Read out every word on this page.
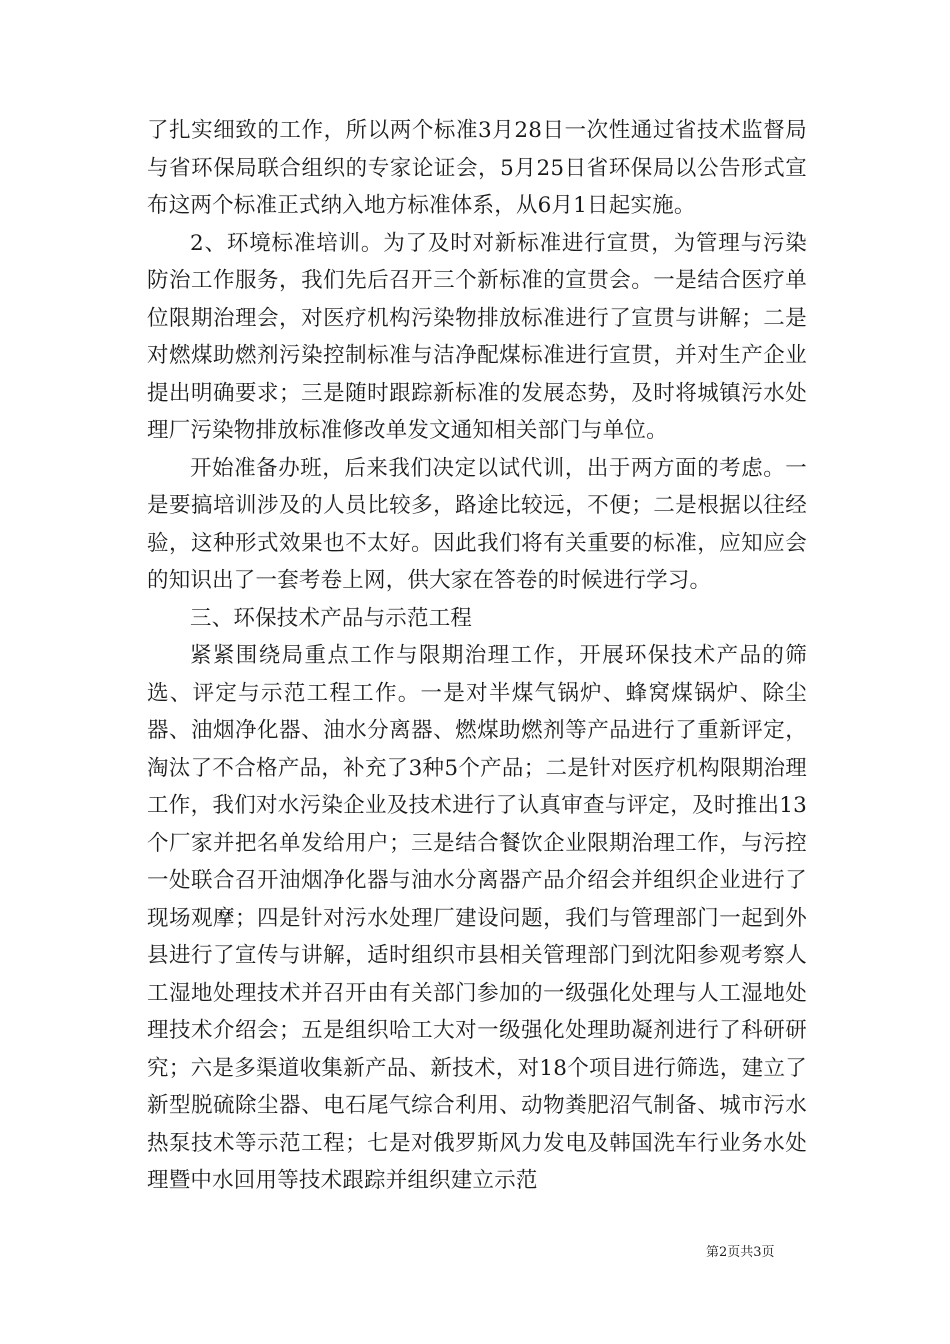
了扎实细致的工作，所以两个标准3月28日一次性通过省技术监督局与省环保局联合组织的专家论证会，5月25日省环保局以公告形式宣布这两个标准正式纳入地方标准体系，从6月1日起实施。

2、环境标准培训。为了及时对新标准进行宣贯，为管理与污染防治工作服务，我们先后召开三个新标准的宣贯会。一是结合医疗单位限期治理会，对医疗机构污染物排放标准进行了宣贯与讲解；二是对燃煤助燃剂污染控制标准与洁净配煤标准进行宣贯，并对生产企业提出明确要求；三是随时跟踪新标准的发展态势，及时将城镇污水处理厂污染物排放标准修改单发文通知相关部门与单位。

开始准备办班，后来我们决定以试代训，出于两方面的考虑。一是要搞培训涉及的人员比较多，路途比较远，不便；二是根据以往经验，这种形式效果也不太好。因此我们将有关重要的标准，应知应会的知识出了一套考卷上网，供大家在答卷的时候进行学习。

三、环保技术产品与示范工程

紧紧围绕局重点工作与限期治理工作，开展环保技术产品的筛选、评定与示范工程工作。一是对半煤气锅炉、蜂窝煤锅炉、除尘器、油烟净化器、油水分离器、燃煤助燃剂等产品进行了重新评定，淘汰了不合格产品，补充了3种5个产品；二是针对医疗机构限期治理工作，我们对水污染企业及技术进行了认真审查与评定，及时推出13个厂家并把名单发给用户；三是结合餐饮企业限期治理工作，与污控一处联合召开油烟净化器与油水分离器产品介绍会并组织企业进行了现场观摩；四是针对污水处理厂建设问题，我们与管理部门一起到外县进行了宣传与讲解，适时组织市县相关管理部门到沈阳参观考察人工湿地处理技术并召开由有关部门参加的一级强化处理与人工湿地处理技术介绍会；五是组织哈工大对一级强化处理助凝剂进行了科研研究；六是多渠道收集新产品、新技术，对18个项目进行筛选，建立了新型脱硫除尘器、电石尾气综合利用、动物粪肥沼气制备、城市污水热泵技术等示范工程；七是对俄罗斯风力发电及韩国洗车行业务水处理暨中水回用等技术跟踪并组织建立示范

第2页共3页
